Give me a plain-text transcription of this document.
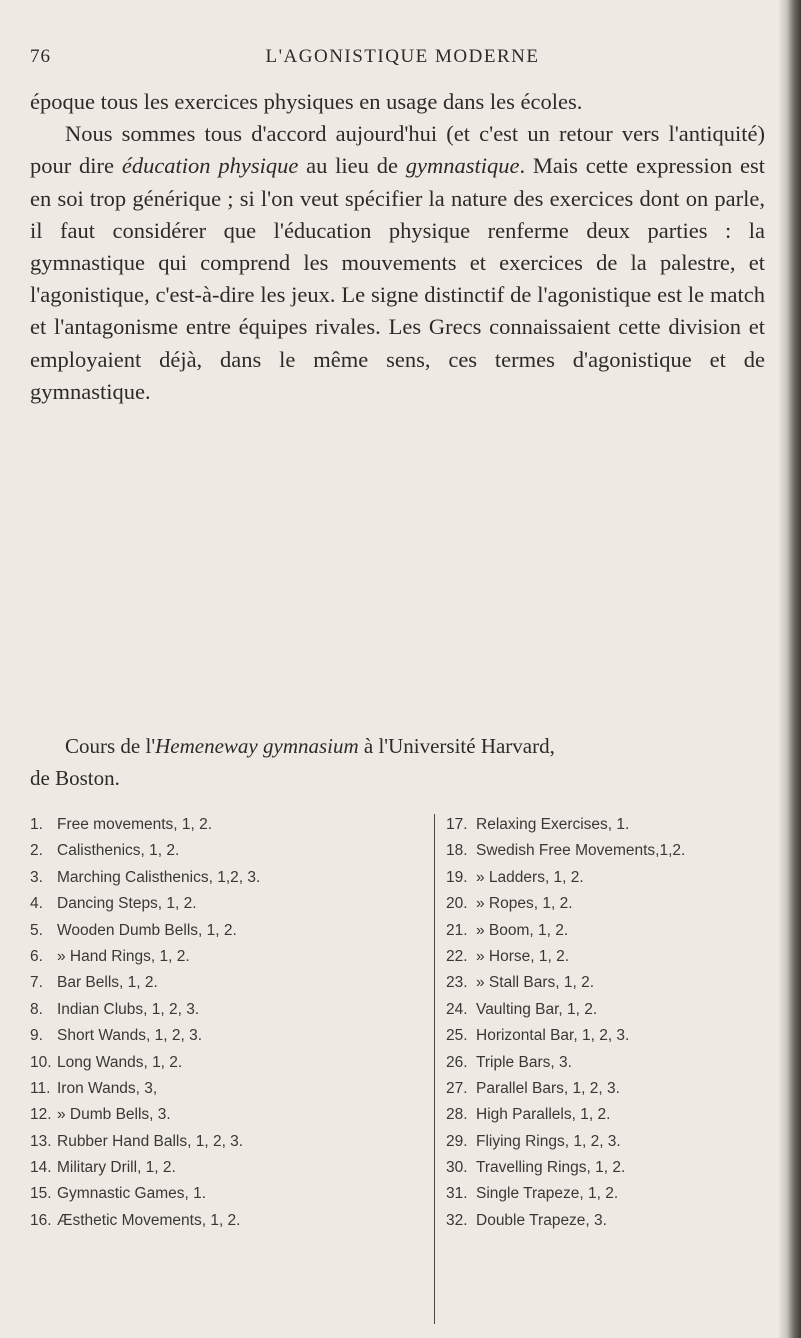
76	L'AGONISTIQUE MODERNE

époque tous les exercices physiques en usage dans les écoles.

Nous sommes tous d'accord aujourd'hui (et c'est un retour vers l'antiquité) pour dire éducation physique au lieu de gymnastique. Mais cette expression est en soi trop générique ; si l'on veut spécifier la nature des exercices dont on parle, il faut considérer que l'éducation physique renferme deux parties : la gymnastique qui comprend les mouvements et exercices de la palestre, et l'agonistique, c'est-à-dire les jeux. Le signe distinctif de l'agonistique est le match et l'antagonisme entre équipes rivales. Les Grecs connaissaient cette division et employaient déjà, dans le même sens, ces termes d'agonistique et de gymnastique.

Cours de l'Hemeneway gymnasium à l'Université Harvard,
de Boston.
1. Free movements, 1, 2.
2. Calisthenics, 1, 2.
3. Marching Calisthenics, 1,2, 3.
4. Dancing Steps, 1, 2.
5. Wooden Dumb Bells, 1, 2.
6. » Hand Rings, 1, 2.
7. Bar Bells, 1, 2.
8. Indian Clubs, 1, 2, 3.
9. Short Wands, 1, 2, 3.
10. Long Wands, 1, 2.
11. Iron Wands, 3,
12. » Dumb Bells, 3.
13. Rubber Hand Balls, 1, 2, 3.
14. Military Drill, 1, 2.
15. Gymnastic Games, 1.
16. Æsthetic Movements, 1, 2.
17. Relaxing Exercises, 1.
18. Swedish Free Movements,1,2.
19. » Ladders, 1, 2.
20. » Ropes, 1, 2.
21. » Boom, 1, 2.
22. » Horse, 1, 2.
23. » Stall Bars, 1, 2.
24. Vaulting Bar, 1, 2.
25. Horizontal Bar, 1, 2, 3.
26. Triple Bars, 3.
27. Parallel Bars, 1, 2, 3.
28. High Parallels, 1, 2.
29. Fliying Rings, 1, 2, 3.
30. Travelling Rings, 1, 2.
31. Single Trapeze, 1, 2.
32. Double Trapeze, 3.
